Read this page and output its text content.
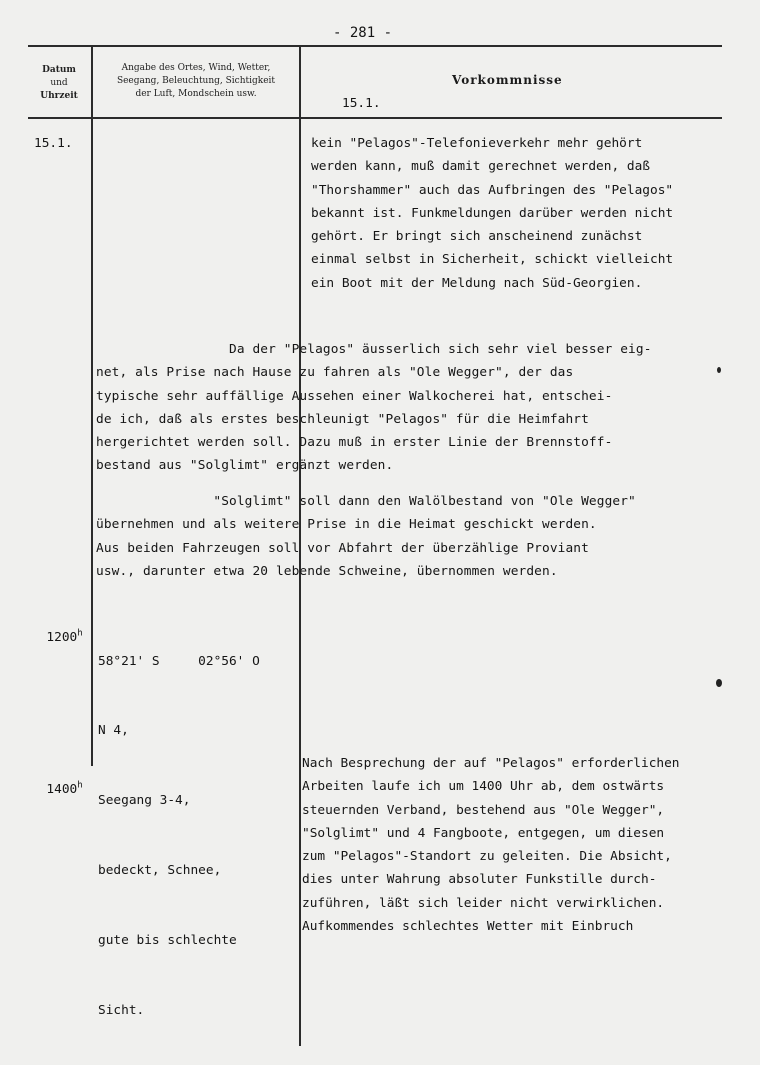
- 281 -
Datum
und
Uhrzeit
Angabe des Ortes, Wind, Wetter,
Seegang, Beleuchtung, Sichtigkeit
der Luft, Mondschein usw.
Vorkommnisse
15.1.
15.1.	kein "Pelagos"-Telefonieverkehr mehr gehört
werden kann, muß damit gerechnet werden, daß
"Thorshammer" auch das Aufbringen des "Pelagos"
bekannt ist. Funkmeldungen darüber werden nicht
gehört. Er bringt sich anscheinend zunächst
einmal selbst in Sicherheit, schickt vielleicht
ein Boot mit der Meldung nach Süd-Georgien.
Da der "Pelagos" äusserlich sich sehr viel besser eig-
net, als Prise nach Hause zu fahren als "Ole Wegger", der das
typische sehr auffällige Aussehen einer Walkocherei hat, entschei-
de ich, daß als erstes beschleunigt "Pelagos" für die Heimfahrt
hergerichtet werden soll. Dazu muß in erster Linie der Brennstoff-
bestand aus "Solglimt" ergänzt werden.
"Solglimt" soll dann den Walölbestand von "Ole Wegger"
übernehmen und als weitere Prise in die Heimat geschickt werden.
Aus beiden Fahrzeugen soll vor Abfahrt der überzählige Proviant
usw., darunter etwa 20 lebende Schweine, übernommen werden.

1200$^h$

58°21' S     02°56' O

N 4,

Seegang 3-4,

bedeckt, Schnee,

gute bis schlechte

Sicht.

1400$^h$

Nach Besprechung der auf "Pelagos" erforderlichen
Arbeiten laufe ich um 1400 Uhr ab, dem ostwärts
steuernden Verband, bestehend aus "Ole Wegger",
"Solglimt" und 4 Fangboote, entgegen, um diesen
zum "Pelagos"-Standort zu geleiten. Die Absicht,
dies unter Wahrung absoluter Funkstille durch-
zuführen, läßt sich leider nicht verwirklichen.
Aufkommendes schlechtes Wetter mit Einbruch
